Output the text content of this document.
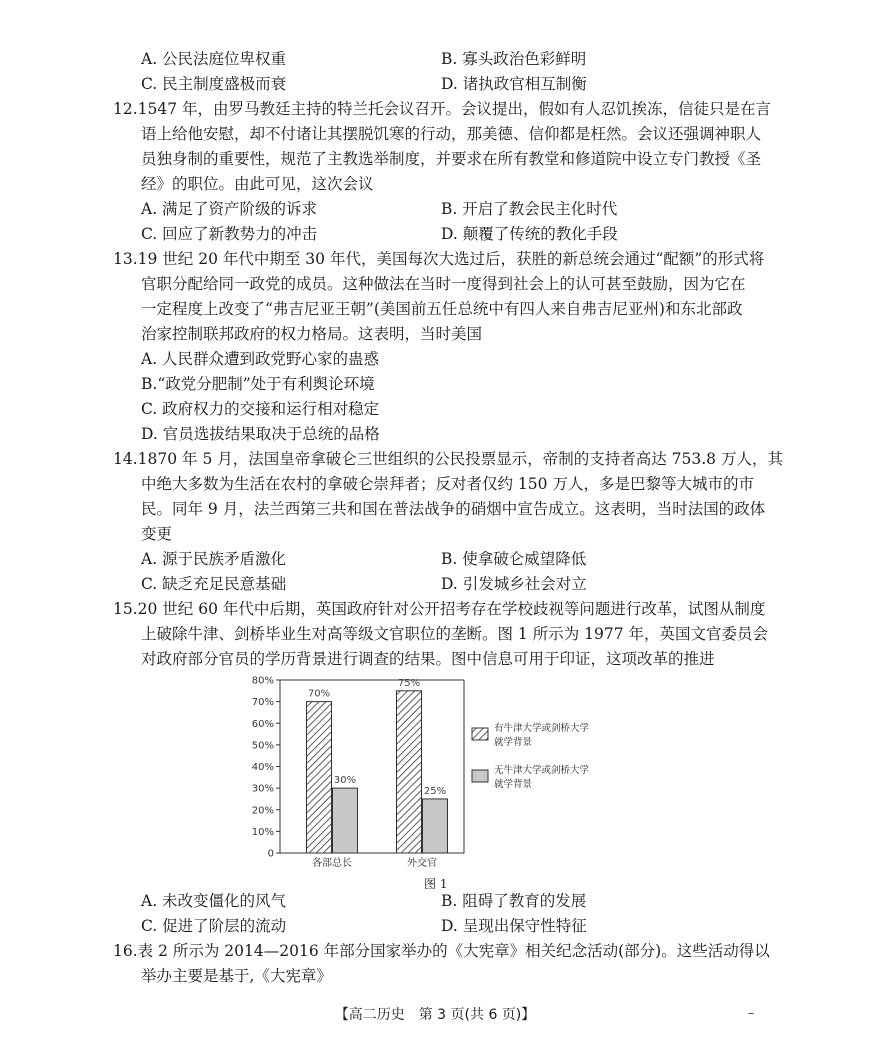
A. 公民法庭位卑权重	B. 寡头政治色彩鲜明
C. 民主制度盛极而衰	D. 诸执政官相互制衡
12.1547 年，由罗马教廷主持的特兰托会议召开。会议提出，假如有人忍饥挨冻，信徒只是在言
语上给他安慰，却不付诸让其摆脱饥寒的行动，那美德、信仰都是枉然。会议还强调神职人
员独身制的重要性，规范了主教选举制度，并要求在所有教堂和修道院中设立专门教授《圣
经》的职位。由此可见，这次会议
A. 满足了资产阶级的诉求	B. 开启了教会民主化时代
C. 回应了新教势力的冲击	D. 颠覆了传统的教化手段
13.19 世纪 20 年代中期至 30 年代，美国每次大选过后，获胜的新总统会通过“配额”的形式将
官职分配给同一政党的成员。这种做法在当时一度得到社会上的认可甚至鼓励，因为它在
一定程度上改变了“弗吉尼亚王朝”(美国前五任总统中有四人来自弗吉尼亚州)和东北部政
治家控制联邦政府的权力格局。这表明，当时美国
A. 人民群众遭到政党野心家的蛊惑
B.“政党分肥制”处于有利舆论环境
C. 政府权力的交接和运行相对稳定
D. 官员选拔结果取决于总统的品格
14.1870 年 5 月，法国皇帝拿破仑三世组织的公民投票显示，帝制的支持者高达 753.8 万人，其
中绝大多数为生活在农村的拿破仑崇拜者；反对者仅约 150 万人，多是巴黎等大城市的市
民。同年 9 月，法兰西第三共和国在普法战争的硝烟中宣告成立。这表明，当时法国的政体
变更
A. 源于民族矛盾激化	B. 使拿破仑威望降低
C. 缺乏充足民意基础	D. 引发城乡社会对立
15.20 世纪 60 年代中后期，英国政府针对公开招考存在学校歧视等问题进行改革，试图从制度
上破除牛津、剑桥毕业生对高等级文官职位的垄断。图 1 所示为 1977 年，英国文官委员会
对政府部分官员的学历背景进行调查的结果。图中信息可用于印证，这项改革的推进
0
10%
20%
30%
40%
50%
60%
70%
80%
70%
75%
30%
25%
各部总长	外交官
有牛津大学或剑桥大学
就学背景
无牛津大学或剑桥大学
就学背景
图 1
A. 未改变僵化的风气	B. 阻碍了教育的发展
C. 促进了阶层的流动	D. 呈现出保守性特征
16.表 2 所示为 2014—2016 年部分国家举办的《大宪章》相关纪念活动(部分)。这些活动得以
举办主要是基于,《大宪章》
【高二历史　第 3 页(共 6 页)】	–
